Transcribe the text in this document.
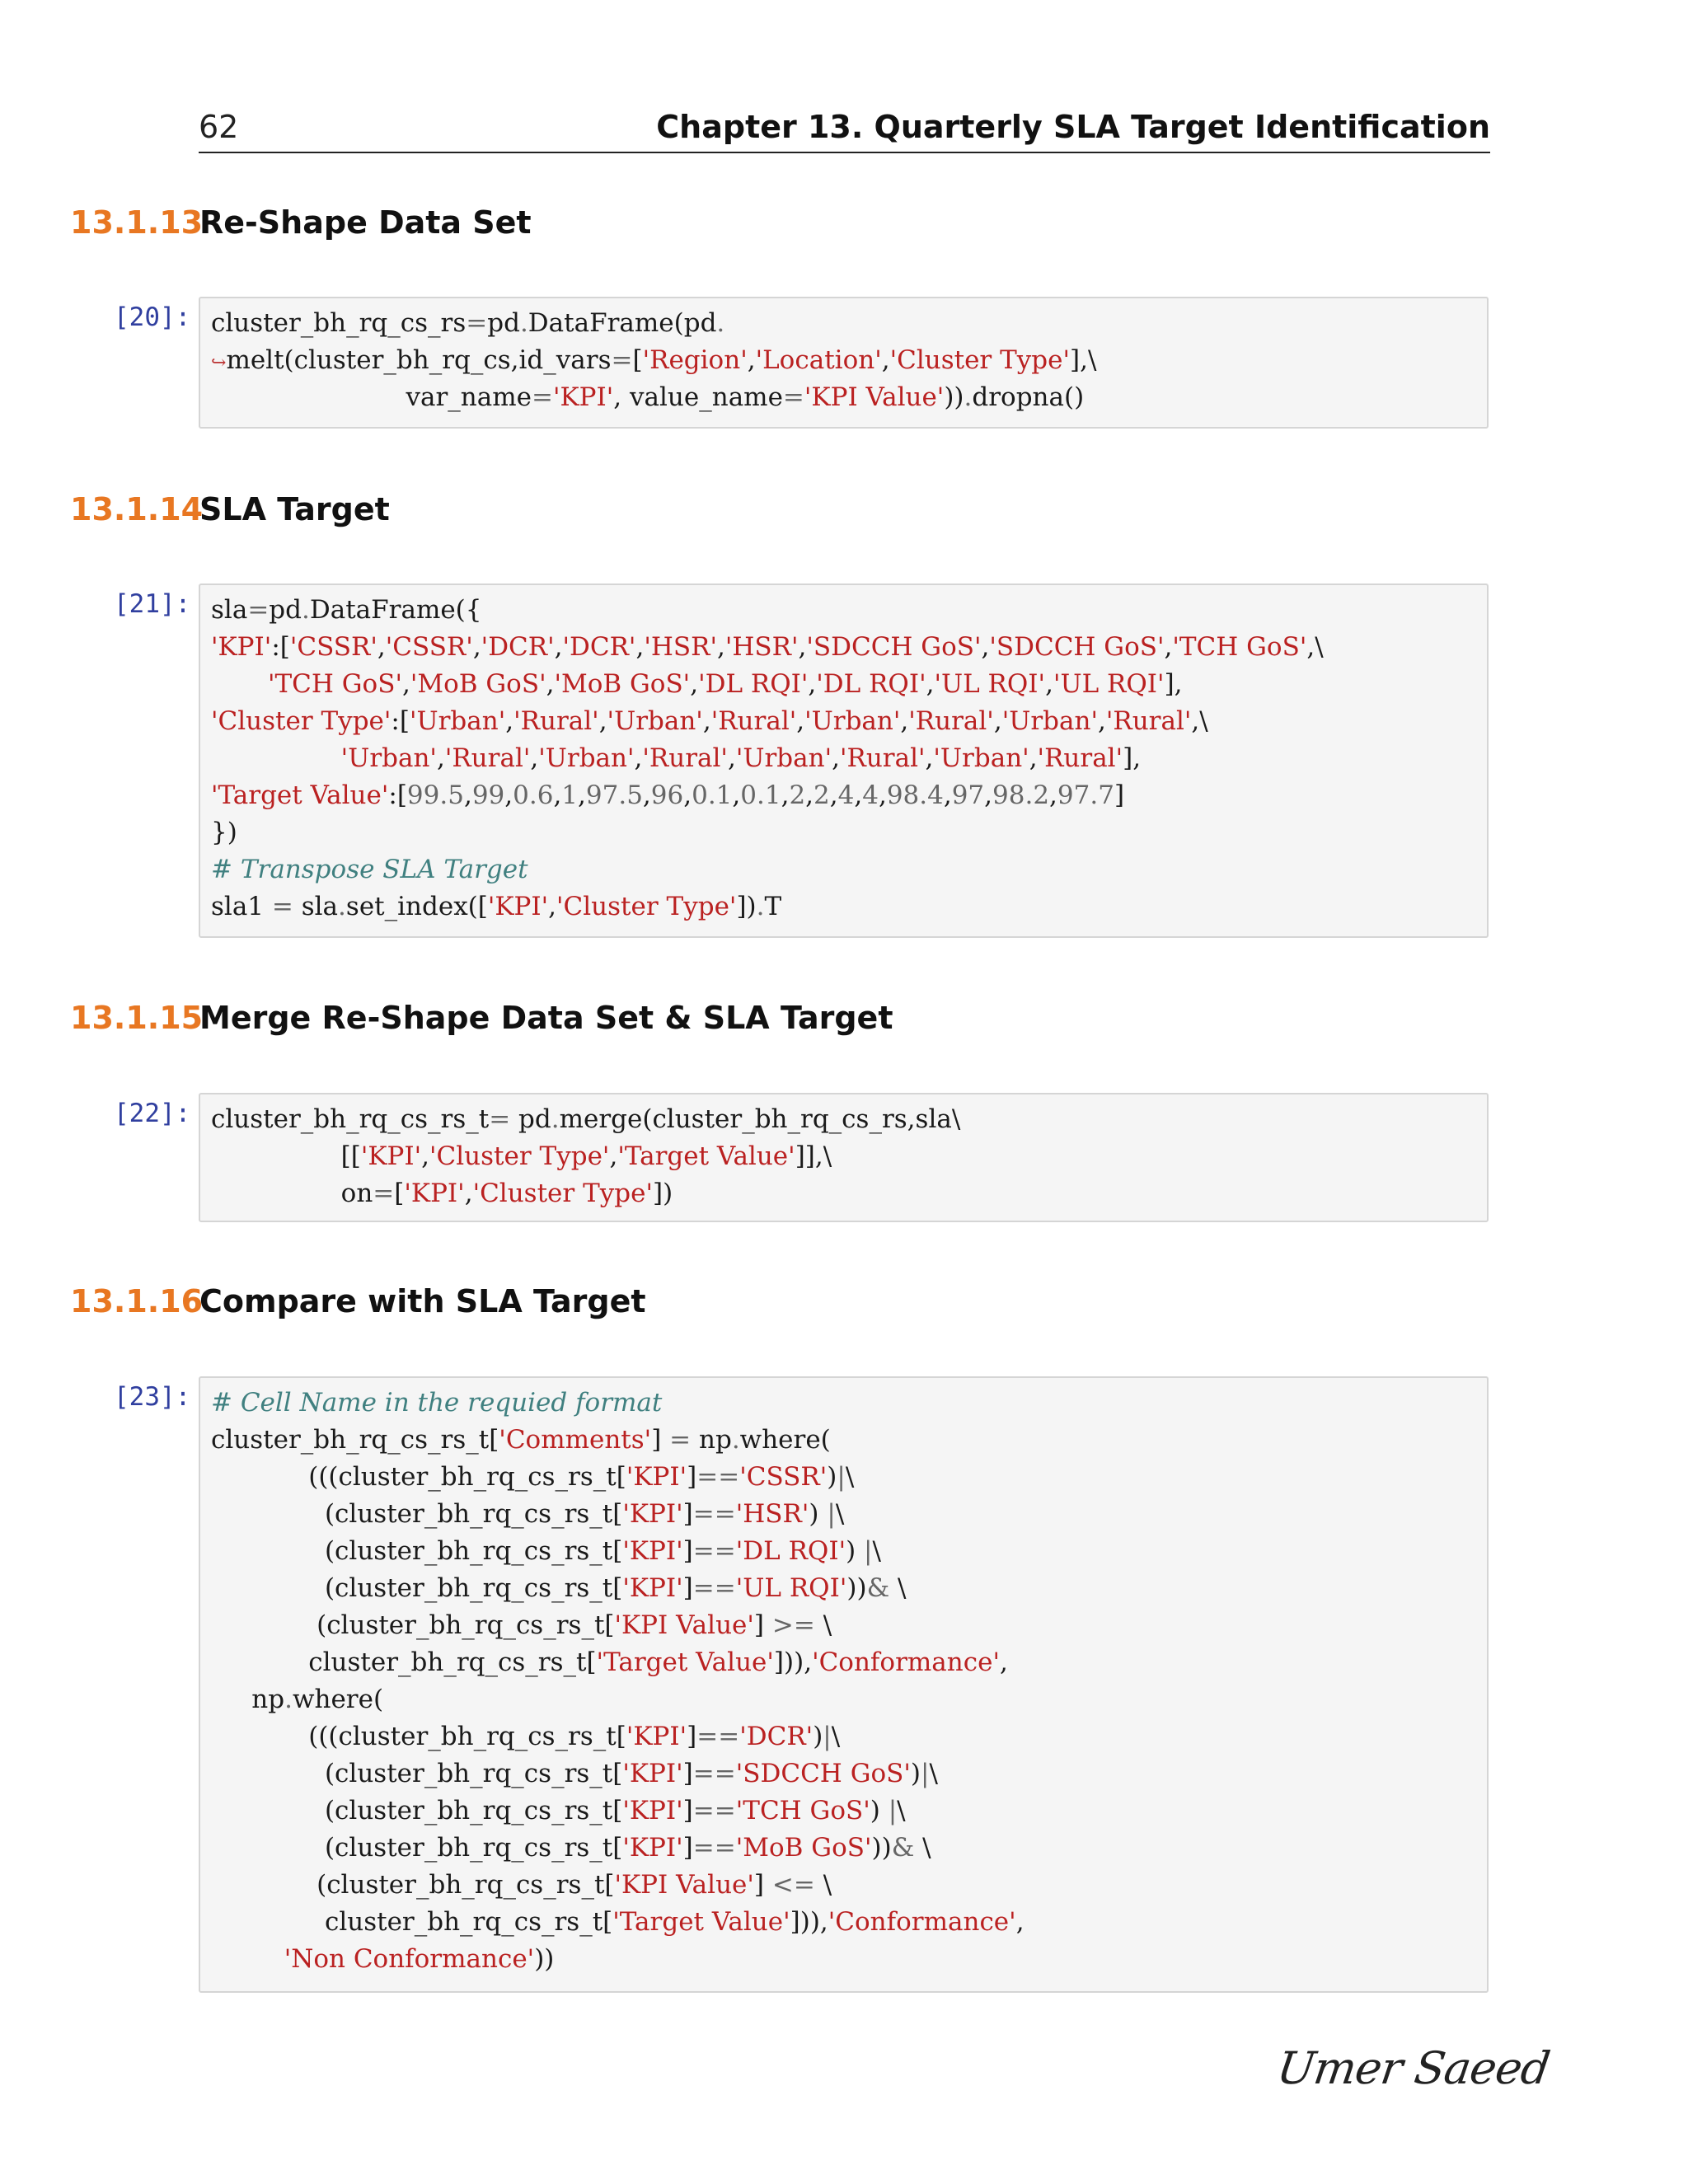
62	Chapter 13. Quarterly SLA Target Identification
13.1.13
Re-Shape Data Set
[20]: cluster_bh_rq_cs_rs=pd.DataFrame(pd.
↪melt(cluster_bh_rq_cs,id_vars=['Region','Location','Cluster Type'],\
var_name='KPI', value_name='KPI Value')).dropna()
13.1.14
SLA Target
[21]: sla=pd.DataFrame({
'KPI':['CSSR','CSSR','DCR','DCR','HSR','HSR','SDCCH GoS','SDCCH GoS','TCH GoS',\
'TCH GoS','MoB GoS','MoB GoS','DL RQI','DL RQI','UL RQI','UL RQI'],
'Cluster Type':['Urban','Rural','Urban','Rural','Urban','Rural','Urban','Rural',\
'Urban','Rural','Urban','Rural','Urban','Rural','Urban','Rural'],
'Target Value':[99.5,99,0.6,1,97.5,96,0.1,0.1,2,2,4,4,98.4,97,98.2,97.7]
})
# Transpose SLA Target
sla1 = sla.set_index(['KPI','Cluster Type']).T
13.1.15
Merge Re-Shape Data Set & SLA Target
[22]: cluster_bh_rq_cs_rs_t= pd.merge(cluster_bh_rq_cs_rs,sla\
[['KPI','Cluster Type','Target Value']],\
on=['KPI','Cluster Type'])
13.1.16
Compare with SLA Target
[23]: # Cell Name in the requied format
cluster_bh_rq_cs_rs_t['Comments'] = np.where(
(((cluster_bh_rq_cs_rs_t['KPI']=='CSSR')|\
(cluster_bh_rq_cs_rs_t['KPI']=='HSR') |\
(cluster_bh_rq_cs_rs_t['KPI']=='DL RQI') |\
(cluster_bh_rq_cs_rs_t['KPI']=='UL RQI'))& \
(cluster_bh_rq_cs_rs_t['KPI Value'] >= \
cluster_bh_rq_cs_rs_t['Target Value'])),'Conformance',
np.where(
(((cluster_bh_rq_cs_rs_t['KPI']=='DCR')|\
(cluster_bh_rq_cs_rs_t['KPI']=='SDCCH GoS')|\
(cluster_bh_rq_cs_rs_t['KPI']=='TCH GoS') |\
(cluster_bh_rq_cs_rs_t['KPI']=='MoB GoS'))& \
(cluster_bh_rq_cs_rs_t['KPI Value'] <= \
cluster_bh_rq_cs_rs_t['Target Value'])),'Conformance',
'Non Conformance'))
Umer Saeed
